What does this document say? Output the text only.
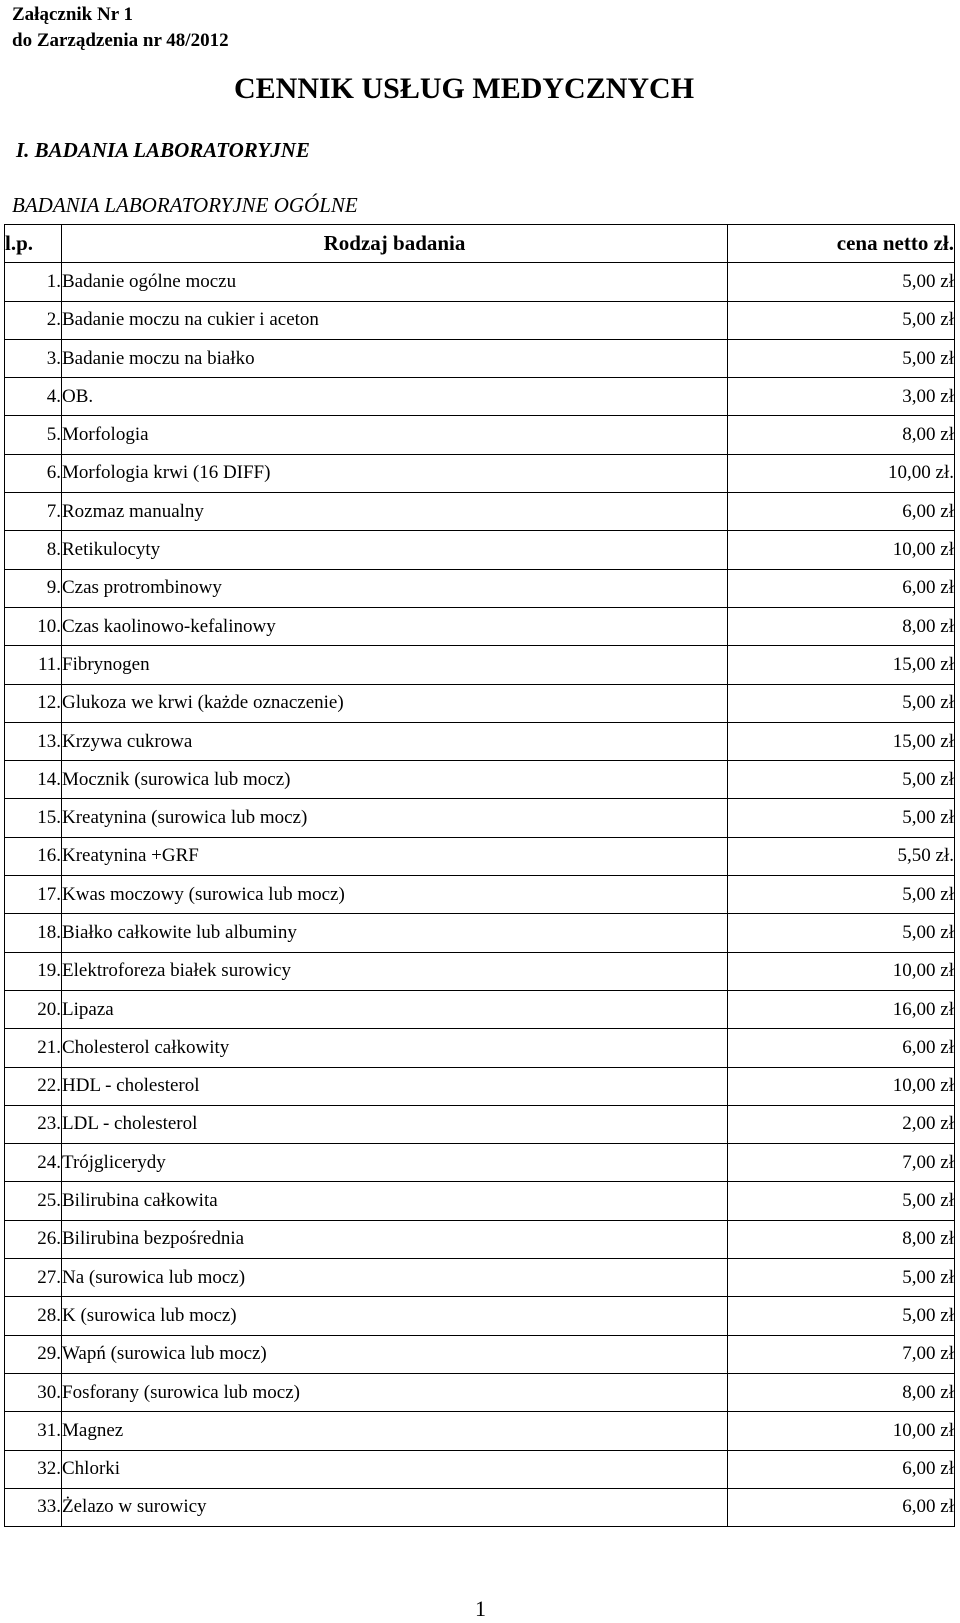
Załącznik Nr 1
do Zarządzenia nr 48/2012
CENNIK USŁUG MEDYCZNYCH
I. BADANIA LABORATORYJNE
BADANIA LABORATORYJNE OGÓLNE
l.p.	Rodzaj badania	cena netto zł.
1.	Badanie ogólne moczu	5,00 zł
2.	Badanie moczu na cukier i aceton	5,00 zł
3.	Badanie moczu na białko	5,00 zł
4.	OB.	3,00 zł
5.	Morfologia	8,00 zł
6.	Morfologia krwi (16 DIFF)	10,00 zł.
7.	Rozmaz manualny	6,00 zł
8.	Retikulocyty	10,00 zł
9.	Czas protrombinowy	6,00 zł
10.	Czas kaolinowo-kefalinowy	8,00 zł
11.	Fibrynogen	15,00 zł
12.	Glukoza we krwi (każde oznaczenie)	5,00 zł
13.	Krzywa cukrowa	15,00 zł
14.	Mocznik (surowica lub mocz)	5,00 zł
15.	Kreatynina (surowica lub mocz)	5,00 zł
16.	Kreatynina +GRF	5,50 zł.
17.	Kwas moczowy (surowica lub mocz)	5,00 zł
18.	Białko całkowite lub albuminy	5,00 zł
19.	Elektroforeza białek surowicy	10,00 zł
20.	Lipaza	16,00 zł
21.	Cholesterol całkowity	6,00 zł
22.	HDL - cholesterol	10,00 zł
23.	LDL - cholesterol	2,00 zł
24.	Trójglicerydy	7,00 zł
25.	Bilirubina całkowita	5,00 zł
26.	Bilirubina bezpośrednia	8,00 zł
27.	Na (surowica lub mocz)	5,00 zł
28.	K (surowica lub mocz)	5,00 zł
29.	Wapń (surowica lub mocz)	7,00 zł
30.	Fosforany (surowica lub mocz)	8,00 zł
31.	Magnez	10,00 zł
32.	Chlorki	6,00 zł
33.	Żelazo w surowicy	6,00 zł
1
